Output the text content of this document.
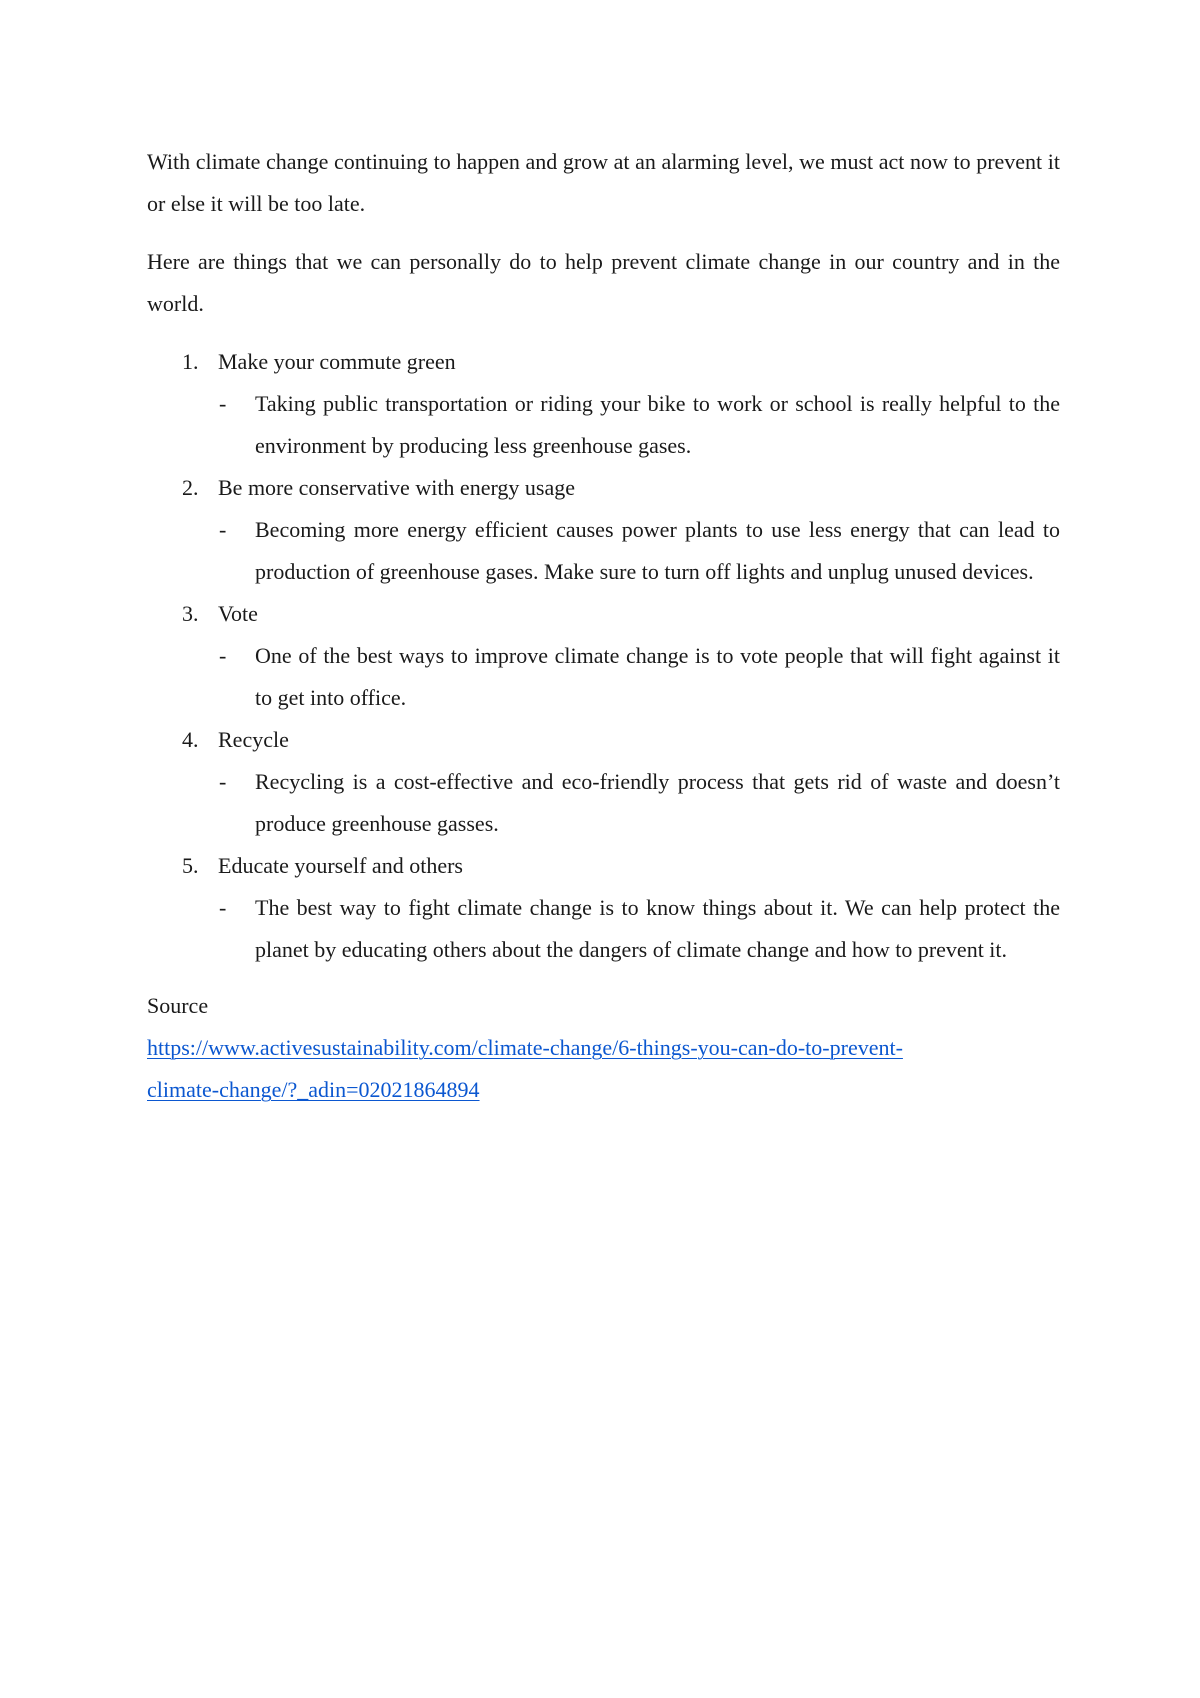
With climate change continuing to happen and grow at an alarming level, we must act now to prevent it or else it will be too late.

Here are things that we can personally do to help prevent climate change in our country and in the world.

1. Make your commute green
- Taking public transportation or riding your bike to work or school is really helpful to the environment by producing less greenhouse gases.
2. Be more conservative with energy usage
- Becoming more energy efficient causes power plants to use less energy that can lead to production of greenhouse gases. Make sure to turn off lights and unplug unused devices.
3. Vote
- One of the best ways to improve climate change is to vote people that will fight against it to get into office.
4. Recycle
- Recycling is a cost-effective and eco-friendly process that gets rid of waste and doesn’t produce greenhouse gasses.
5. Educate yourself and others
- The best way to fight climate change is to know things about it. We can help protect the planet by educating others about the dangers of climate change and how to prevent it.
Source
https://www.activesustainability.com/climate-change/6-things-you-can-do-to-prevent-
climate-change/?_adin=02021864894
